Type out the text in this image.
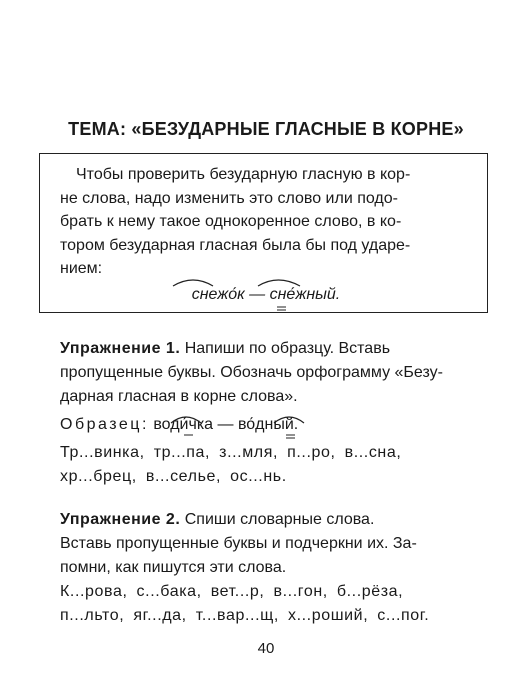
ТЕМА: «БЕЗУДАРНЫЕ ГЛАСНЫЕ В КОРНЕ»

Чтобы проверить безударную гласную в кор-
не слова, надо изменить это слово или подо-
брать к нему такое однокоренное слово, в ко-
тором безударная гласная была бы под ударе-
нием:

снежо́к — сне́жный.

Упражнение 1. Напиши по образцу. Вставь
пропущенные буквы. Обозначь орфограмму «Безу-
дарная гласная в корне слова».

Образец: води́чка — во́дный.

Тр...винка, тр...па, з...мля, п...ро, в...сна,
хр...брец, в...селье, ос...нь.

Упражнение 2. Спиши словарные слова.
Вставь пропущенные буквы и подчеркни их. За-
помни, как пишутся эти слова.

К...рова, с...бака, вет...р, в...гон, б...рёза,
п...льто, яг...да, т...вар...щ, х...роший, с...пог.

40
